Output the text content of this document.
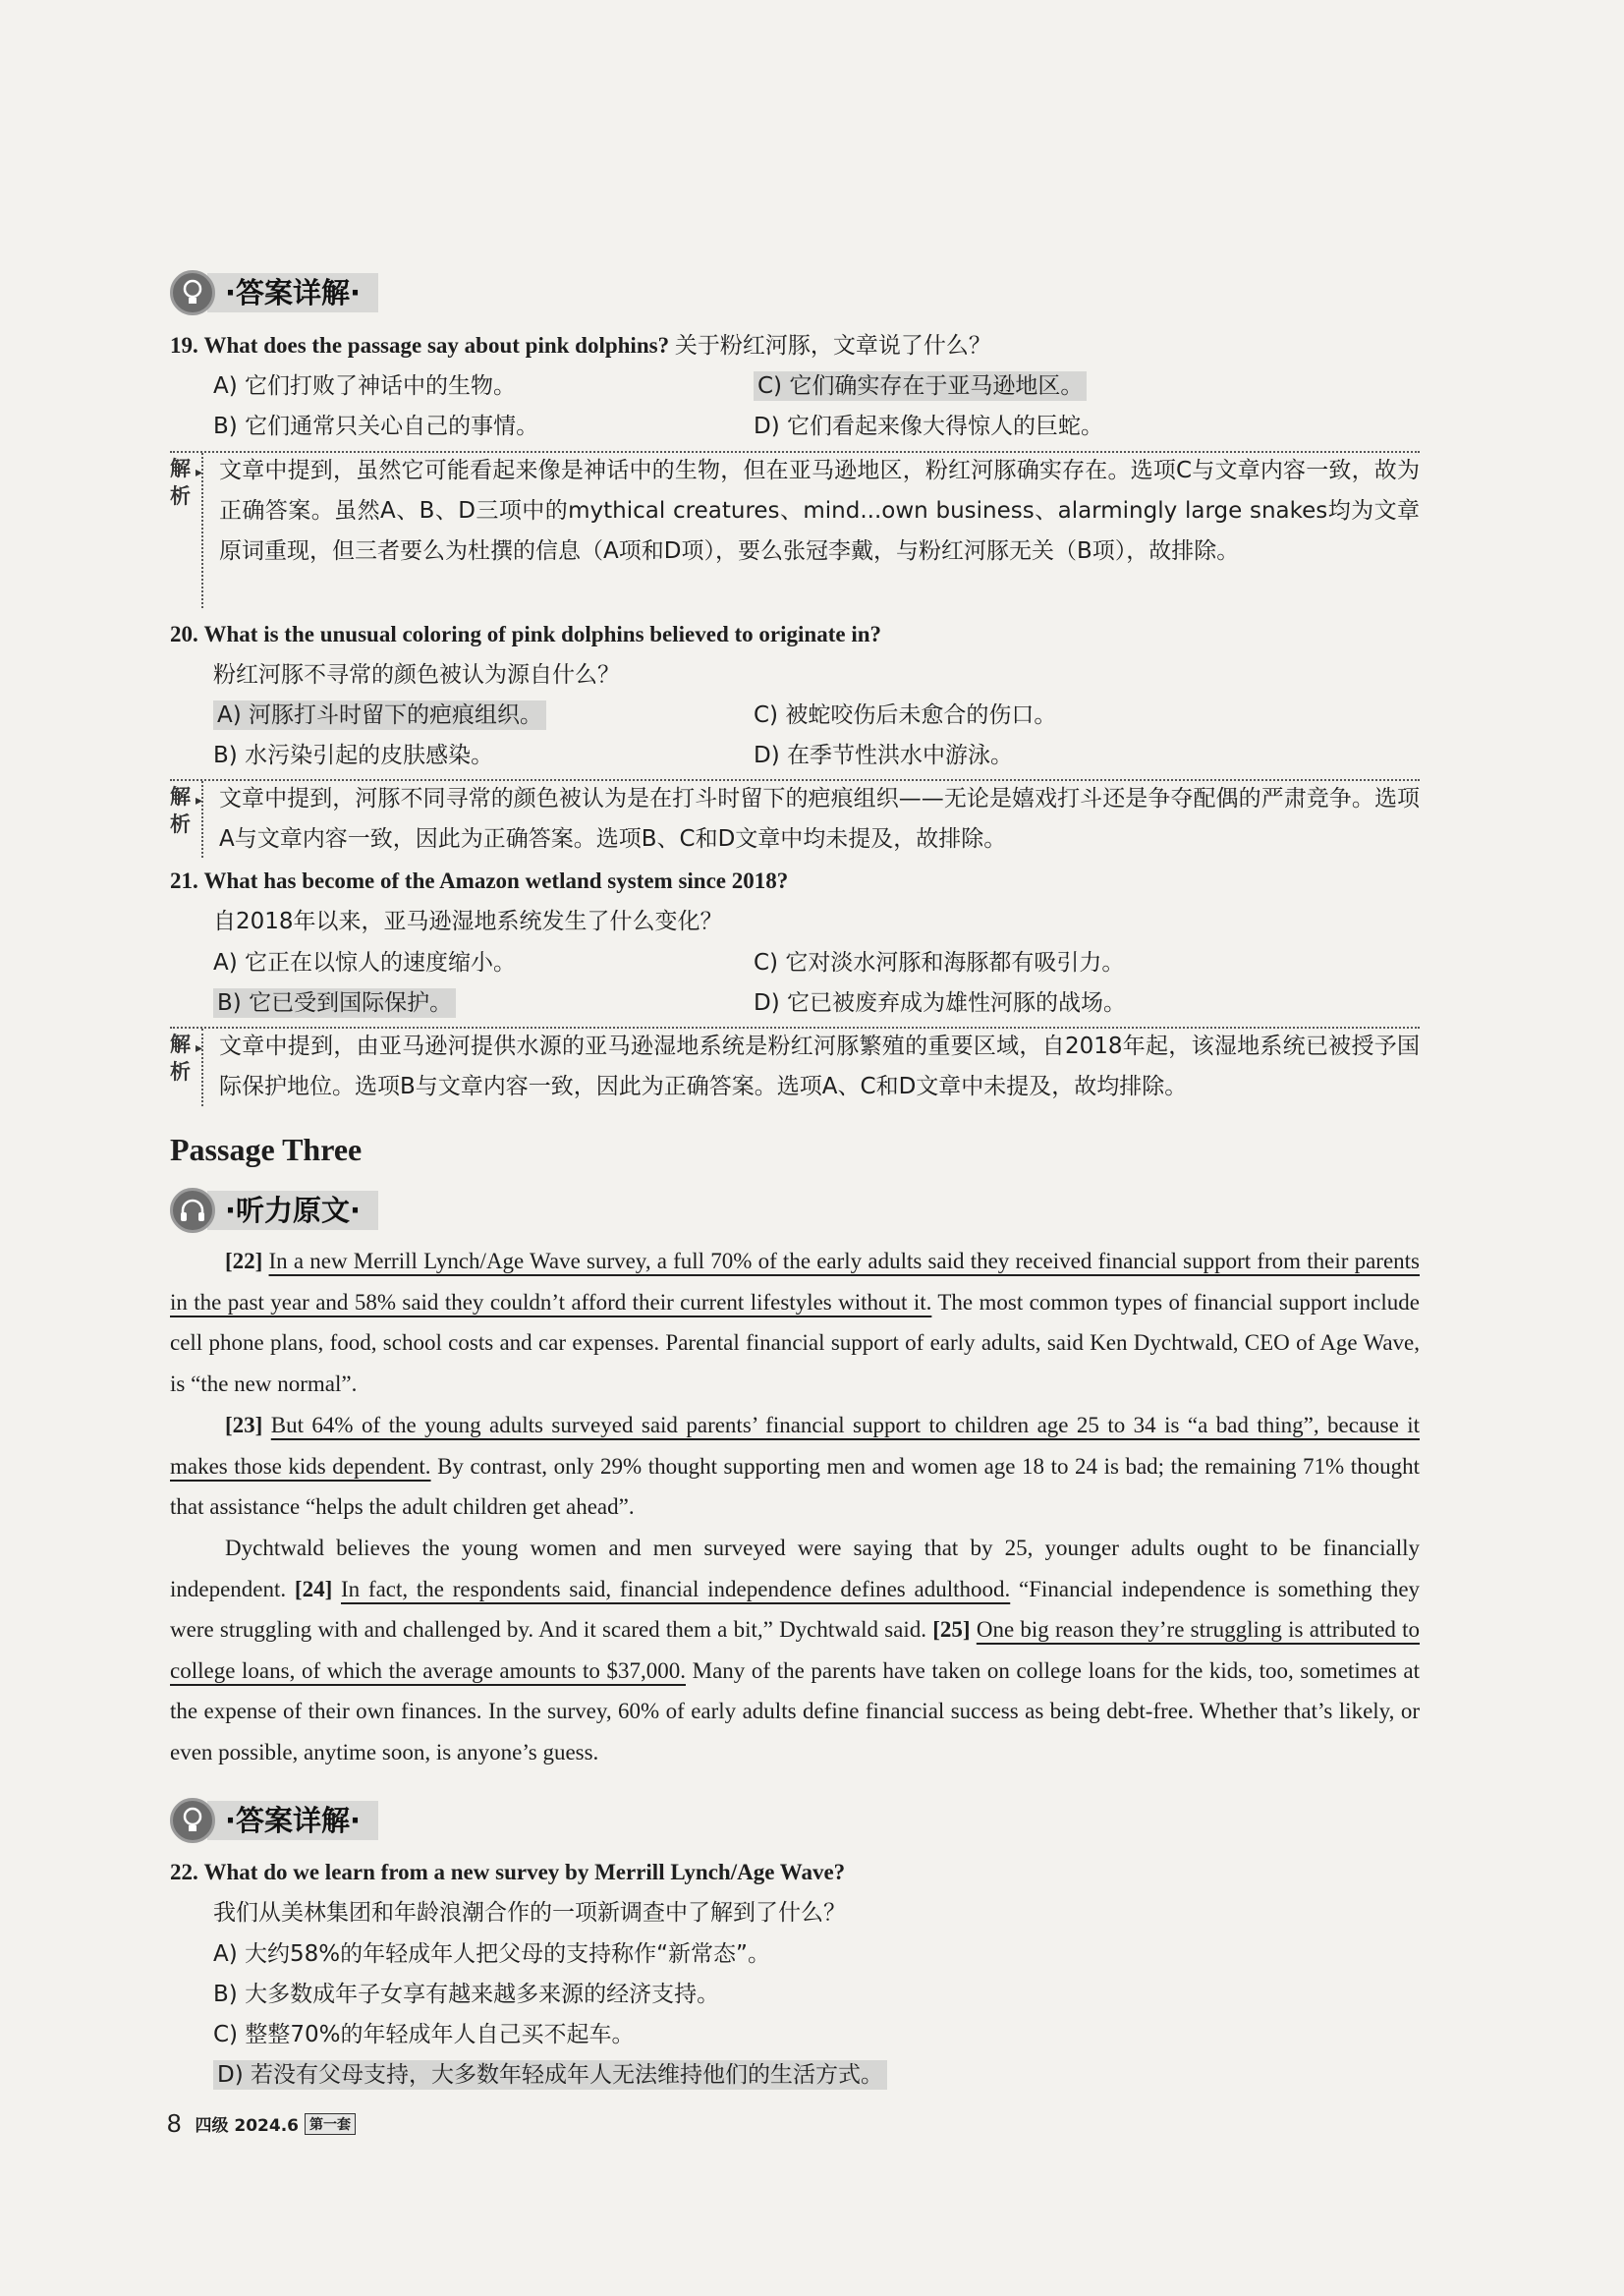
·答案详解·
19. What does the passage say about pink dolphins? 关于粉红河豚，文章说了什么？
A) 它们打败了神话中的生物。	C) 它们确实存在于亚马逊地区。
B) 它们通常只关心自己的事情。	D) 它们看起来像大得惊人的巨蛇。
解析
▸ 文章中提到，虽然它可能看起来像是神话中的生物，但在亚马逊地区，粉红河豚确实存在。选项C与文章内容一致，故为正确答案。虽然A、B、D三项中的mythical creatures、mind...own business、alarmingly large snakes均为文章原词重现，但三者要么为杜撰的信息（A项和D项），要么张冠李戴，与粉红河豚无关（B项），故排除。
20. What is the unusual coloring of pink dolphins believed to originate in?
粉红河豚不寻常的颜色被认为源自什么？
A) 河豚打斗时留下的疤痕组织。	C) 被蛇咬伤后未愈合的伤口。
B) 水污染引起的皮肤感染。	D) 在季节性洪水中游泳。
解析
▸ 文章中提到，河豚不同寻常的颜色被认为是在打斗时留下的疤痕组织——无论是嬉戏打斗还是争夺配偶的严肃竞争。选项A与文章内容一致，因此为正确答案。选项B、C和D文章中均未提及，故排除。
21. What has become of the Amazon wetland system since 2018?
自2018年以来，亚马逊湿地系统发生了什么变化？
A) 它正在以惊人的速度缩小。	C) 它对淡水河豚和海豚都有吸引力。
B) 它已受到国际保护。	D) 它已被废弃成为雄性河豚的战场。
解析
▸ 文章中提到，由亚马逊河提供水源的亚马逊湿地系统是粉红河豚繁殖的重要区域，自2018年起，该湿地系统已被授予国际保护地位。选项B与文章内容一致，因此为正确答案。选项A、C和D文章中未提及，故均排除。
Passage Three
·听力原文·
[22] In a new Merrill Lynch/Age Wave survey, a full 70% of the early adults said they received financial support from their parents in the past year and 58% said they couldn’t afford their current lifestyles without it. The most common types of financial support include cell phone plans, food, school costs and car expenses. Parental financial support of early adults, said Ken Dychtwald, CEO of Age Wave, is “the new normal”.
[23] But 64% of the young adults surveyed said parents’ financial support to children age 25 to 34 is “a bad thing”, because it makes those kids dependent. By contrast, only 29% thought supporting men and women age 18 to 24 is bad; the remaining 71% thought that assistance “helps the adult children get ahead”.
Dychtwald believes the young women and men surveyed were saying that by 25, younger adults ought to be financially independent. [24] In fact, the respondents said, financial independence defines adulthood. “Financial independence is something they were struggling with and challenged by. And it scared them a bit,” Dychtwald said. [25] One big reason they’re struggling is attributed to college loans, of which the average amounts to $37,000. Many of the parents have taken on college loans for the kids, too, sometimes at the expense of their own finances. In the survey, 60% of early adults define financial success as being debt-free. Whether that’s likely, or even possible, anytime soon, is anyone’s guess.
·答案详解·
22. What do we learn from a new survey by Merrill Lynch/Age Wave?
我们从美林集团和年龄浪潮合作的一项新调查中了解到了什么？
A) 大约58%的年轻成年人把父母的支持称作“新常态”。
B) 大多数成年子女享有越来越多来源的经济支持。
C) 整整70%的年轻成年人自己买不起车。
D) 若没有父母支持，大多数年轻成年人无法维持他们的生活方式。
8 四级 2024.6 第一套
